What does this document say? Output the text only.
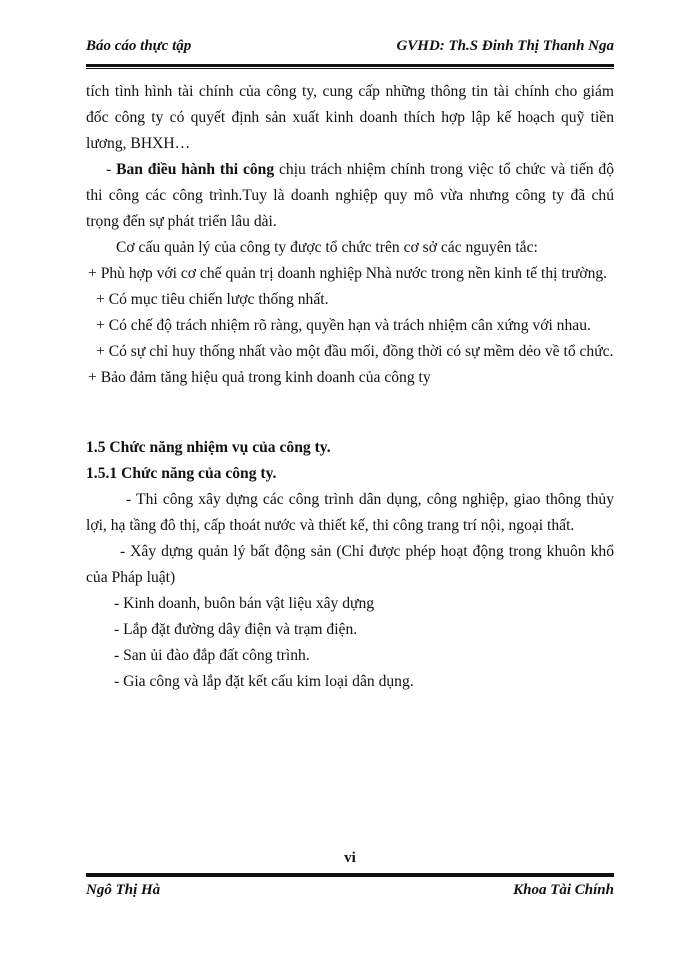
Báo cáo thực tập	GVHD: Th.S Đinh Thị Thanh Nga

tích tình hình tài chính của công ty, cung cấp những thông tin tài chính cho giám đốc công ty có quyết định sản xuất kinh doanh thích hợp lập kế hoạch quỹ tiền lương, BHXH…

- Ban điều hành thi công chịu trách nhiệm chính trong việc tổ chức và tiến độ thi công các công trình.Tuy là doanh nghiệp quy mô vừa nhưng công ty đã chú trọng đến sự phát triển lâu dài.

Cơ cấu quản lý của công ty được tổ chức trên cơ sở các nguyên tắc:

+ Phù hợp với cơ chế quản trị doanh nghiệp Nhà nước trong nền kinh tế thị trường.

+ Có mục tiêu chiến lược thống nhất.

+ Có chế độ trách nhiệm rõ ràng, quyền hạn và trách nhiệm cân xứng với nhau.

+ Có sự chỉ huy thống nhất vào một đầu mối, đồng thời có sự mềm dẻo về tổ chức.

+ Bảo đảm tăng hiệu quả trong kinh doanh của công ty

1.5 Chức năng nhiệm vụ của công ty.

1.5.1 Chức năng của công ty.

- Thi công xây dựng các công trình dân dụng, công nghiệp, giao thông thủy lợi, hạ tầng đô thị, cấp thoát nước và thiết kế, thi công trang trí nội, ngoại thất.

- Xây dựng quản lý bất động sản (Chỉ được phép hoạt động trong khuôn khổ của Pháp luật)

- Kinh doanh, buôn bán vật liệu xây dựng

- Lắp đặt đường dây điện và trạm điện.

- San ủi đào đắp đất công trình.

- Gia công và lắp đặt kết cấu kim loại dân dụng.

vi
Ngô Thị Hà	Khoa Tài Chính
